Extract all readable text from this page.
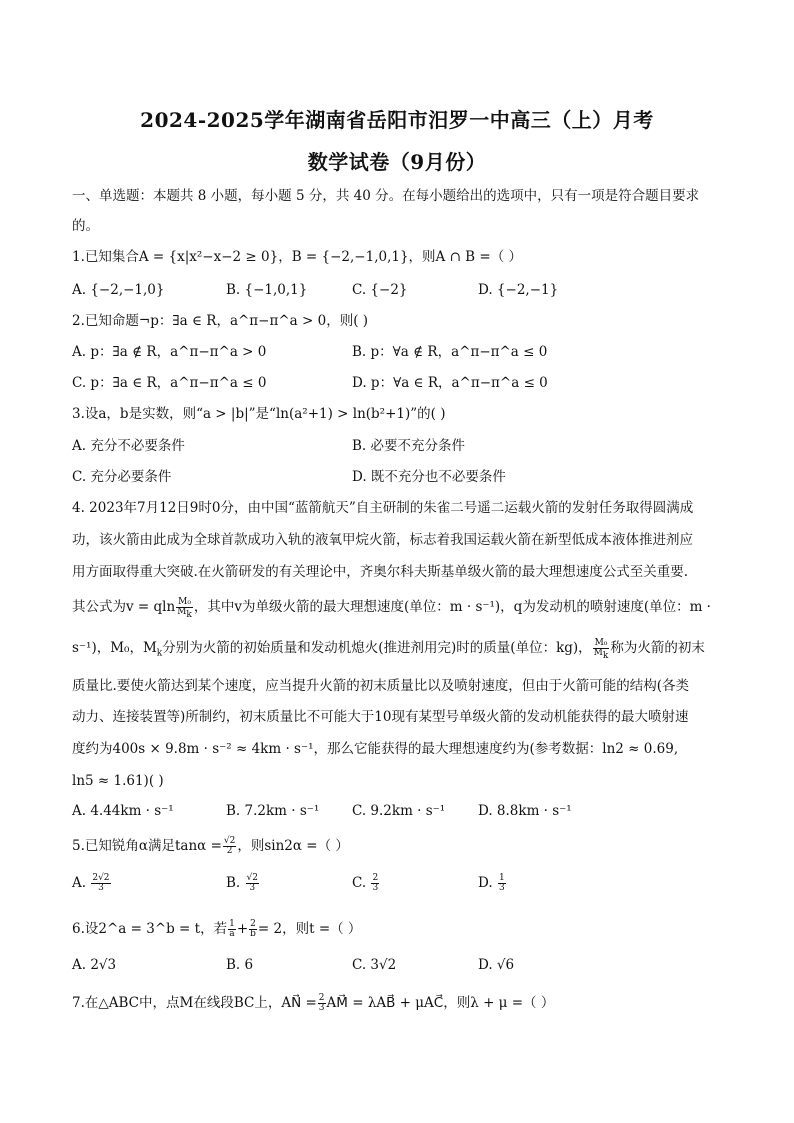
2024-2025学年湖南省岳阳市汨罗一中高三（上）月考
数学试卷（9月份）
一、单选题：本题共 8 小题，每小题 5 分，共 40 分。在每小题给出的选项中，只有一项是符合题目要求
的。
1.已知集合A = {x|x²−x−2 ≥ 0}，B = {−2,−1,0,1}，则A ∩ B =（ ）
A. {−2,−1,0}	B. {−1,0,1}	C. {−2}	D. {−2,−1}
2.已知命题¬p：∃a ∈ R，a^π−π^a > 0，则( )
A. p：∃a ∉ R，a^π−π^a > 0	B. p：∀a ∉ R，a^π−π^a ≤ 0
C. p：∃a ∈ R，a^π−π^a ≤ 0	D. p：∀a ∈ R，a^π−π^a ≤ 0
3.设a，b是实数，则“a > |b|”是“ln(a²+1) > ln(b²+1)”的( )
A. 充分不必要条件	B. 必要不充分条件
C. 充分必要条件	D. 既不充分也不必要条件
4. 2023年7月12日9时0分，由中国“蓝箭航天”自主研制的朱雀二号遥二运载火箭的发射任务取得圆满成
功，该火箭由此成为全球首款成功入轨的液氧甲烷火箭，标志着我国运载火箭在新型低成本液体推进剂应
用方面取得重大突破.在火箭研发的有关理论中，齐奥尔科夫斯基单级火箭的最大理想速度公式至关重要.
其公式为v = qln $\frac{\text{M₀}}{M_k}$ ，其中v为单级火箭的最大理想速度(单位：m · s⁻¹)，q为发动机的喷射速度(单位：m ·
s⁻¹)，M₀，$M_k$分别为火箭的初始质量和发动机熄火(推进剂用完)时的质量(单位：kg)， $\frac{\text{M₀}}{M_k}$ 称为火箭的初末
质量比.要使火箭达到某个速度，应当提升火箭的初末质量比以及喷射速度，但由于火箭可能的结构(各类
动力、连接装置等)所制约，初末质量比不可能大于10现有某型号单级火箭的发动机能获得的最大喷射速
度约为400s × 9.8m · s⁻² ≈ 4km · s⁻¹，那么它能获得的最大理想速度约为(参考数据：ln2 ≈ 0.69,
ln5 ≈ 1.61)( )
A. 4.44km · s⁻¹	B. 7.2km · s⁻¹ C. 9.2km · s⁻¹ D. 8.8km · s⁻¹
5.已知锐角α满足$\tan\alpha = \frac{√2}{2}$ ，则sin2α =（ ）
A. $\frac{2√2}{3}$	B. $\frac{√2}{3}$	C. $\frac{2}{3}$	D. $\frac{1}{3}$
6.设2^a = 3^b = t，若 $\frac{1}{a} + \frac{2}{b} = 2$，则t =（ ）
A. 2√3	B. 6	C. 3√2	D. √6
7.在△ABC中，点M在线段BC上，AN⃗ = $\frac{2}{3}$ AM⃗ = λAB⃗ + μAC⃗，则λ + μ =（ ）
